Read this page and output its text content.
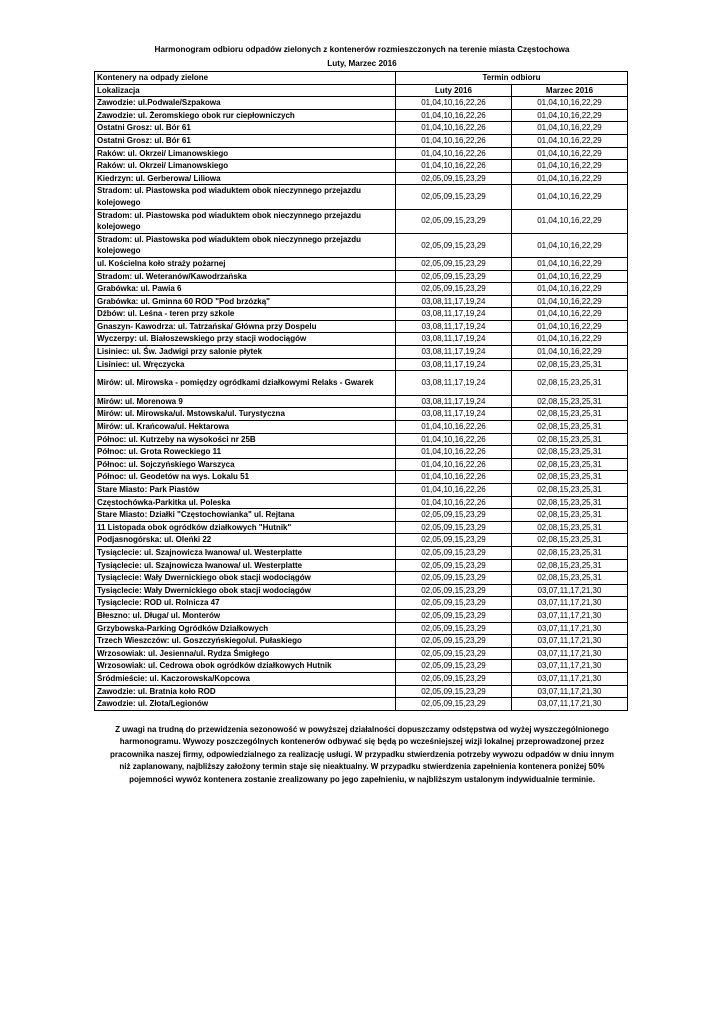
Harmonogram odbioru odpadów zielonych z kontenerów rozmieszczonych na terenie miasta Częstochowa
Luty, Marzec 2016
Kontenery na odpady zielone	Termin odbioru	
Lokalizacja	Luty 2016	Marzec 2016
Zawodzie: ul.Podwale/Szpakowa	01,04,10,16,22,26	01,04,10,16,22,29
Zawodzie: ul. Żeromskiego obok rur ciepłowniczych	01,04,10,16,22,26	01,04,10,16,22,29
Ostatni Grosz: ul. Bór 61	01,04,10,16,22,26	01,04,10,16,22,29
Ostatni Grosz: ul. Bór 61	01,04,10,16,22,26	01,04,10,16,22,29
Raków: ul. Okrzei/ Limanowskiego	01,04,10,16,22,26	01,04,10,16,22,29
Raków: ul. Okrzei/ Limanowskiego	01,04,10,16,22,26	01,04,10,16,22,29
Kiedrzyn: ul. Gerberowa/ Liliowa	02,05,09,15,23,29	01,04,10,16,22,29
Stradom: ul. Piastowska pod wiaduktem obok nieczynnego przejazdu
kolejowego	02,05,09,15,23,29	01,04,10,16,22,29
Stradom: ul. Piastowska pod wiaduktem obok nieczynnego przejazdu
kolejowego	02,05,09,15,23,29	01,04,10,16,22,29
Stradom: ul. Piastowska pod wiaduktem obok nieczynnego przejazdu
kolejowego	02,05,09,15,23,29	01,04,10,16,22,29
ul. Kościelna koło straży pożarnej	02,05,09,15,23,29	01,04,10,16,22,29
Stradom: ul. Weteranów/Kawodrzańska	02,05,09,15,23,29	01,04,10,16,22,29
Grabówka: ul. Pawia 6	02,05,09,15,23,29	01,04,10,16,22,29
Grabówka: ul. Gminna 60 ROD "Pod brzózką"	03,08,11,17,19,24	01,04,10,16,22,29
Dźbów: ul. Leśna - teren przy szkole	03,08,11,17,19,24	01,04,10,16,22,29
Gnaszyn- Kawodrza: ul. Tatrzańska/ Główna przy Dospelu	03,08,11,17,19,24	01,04,10,16,22,29
Wyczerpy: ul. Białoszewskiego przy stacji wodociągów	03,08,11,17,19,24	01,04,10,16,22,29
Lisiniec: ul. Św. Jadwigi przy salonie płytek	03,08,11,17,19,24	01,04,10,16,22,29
Lisiniec: ul. Wręczycka	03,08,11,17,19,24	02,08,15,23,25,31
Mirów: ul. Mirowska - pomiędzy ogródkami działkowymi Relaks - Gwarek	03,08,11,17,19,24	02,08,15,23,25,31
Mirów: ul. Morenowa 9	03,08,11,17,19,24	02,08,15,23,25,31
Mirów: ul. Mirowska/ul. Mstowska/ul. Turystyczna	03,08,11,17,19,24	02,08,15,23,25,31
Mirów: ul. Krańcowa/ul. Hektarowa	01,04,10,16,22,26	02,08,15,23,25,31
Północ: ul. Kutrzeby na wysokości nr 25B	01,04,10,16,22,26	02,08,15,23,25,31
Północ: ul. Grota Roweckiego 11	01,04,10,16,22,26	02,08,15,23,25,31
Północ: ul. Sojczyńskiego Warszyca	01,04,10,16,22,26	02,08,15,23,25,31
Północ: ul. Geodetów na wys. Lokalu 51	01,04,10,16,22,26	02,08,15,23,25,31
Stare Miasto: Park Piastów	01,04,10,16,22,26	02,08,15,23,25,31
Częstochówka-Parkitka ul. Poleska	01,04,10,16,22,26	02,08,15,23,25,31
Stare Miasto: Działki "Częstochowianka" ul. Rejtana	02,05,09,15,23,29	02,08,15,23,25,31
11 Listopada obok ogródków działkowych "Hutnik"	02,05,09,15,23,29	02,08,15,23,25,31
Podjasnogórska: ul. Oleńki 22	02,05,09,15,23,29	02,08,15,23,25,31
Tysiąclecie: ul. Szajnowicza Iwanowa/ ul. Westerplatte	02,05,09,15,23,29	02,08,15,23,25,31
Tysiąclecie: ul. Szajnowicza Iwanowa/ ul. Westerplatte	02,05,09,15,23,29	02,08,15,23,25,31
Tysiąclecie: Wały Dwernickiego obok stacji wodociągów	02,05,09,15,23,29	02,08,15,23,25,31
Tysiąclecie: Wały Dwernickiego obok stacji wodociągów	02,05,09,15,23,29	03,07,11,17,21,30
Tysiąclecie: ROD ul. Rolnicza 47	02,05,09,15,23,29	03,07,11,17,21,30
Błeszno: ul. Długa/ ul. Monterów	02,05,09,15,23,29	03,07,11,17,21,30
Grzybowska-Parking Ogródków Działkowych	02,05,09,15,23,29	03,07,11,17,21,30
Trzech Wieszczów: ul. Goszczyńskiego/ul. Pułaskiego	02,05,09,15,23,29	03,07,11,17,21,30
Wrzosowiak: ul. Jesienna/ul. Rydza Śmigłego	02,05,09,15,23,29	03,07,11,17,21,30
Wrzosowiak: ul. Cedrowa obok ogródków działkowych Hutnik	02,05,09,15,23,29	03,07,11,17,21,30
Śródmieście: ul. Kaczorowska/Kopcowa	02,05,09,15,23,29	03,07,11,17,21,30
Zawodzie: ul. Bratnia koło ROD	02,05,09,15,23,29	03,07,11,17,21,30
Zawodzie: ul. Złota/Legionów	02,05,09,15,23,29	03,07,11,17,21,30
Z uwagi na trudną do przewidzenia sezonowość w powyższej działalności dopuszczamy odstępstwa od wyżej wyszczególnionego
harmonogramu. Wywozy poszczególnych kontenerów odbywać się będą po wcześniejszej wizji lokalnej przeprowadzonej przez
pracownika naszej firmy, odpowiedzialnego za realizację usługi. W przypadku stwierdzenia potrzeby wywozu odpadów w dniu innym
niż zaplanowany, najbliższy założony termin staje się nieaktualny. W przypadku stwierdzenia zapełnienia kontenera poniżej 50%
pojemności wywóz kontenera zostanie zrealizowany po jego zapełnieniu, w najbliższym ustalonym indywidualnie terminie.
